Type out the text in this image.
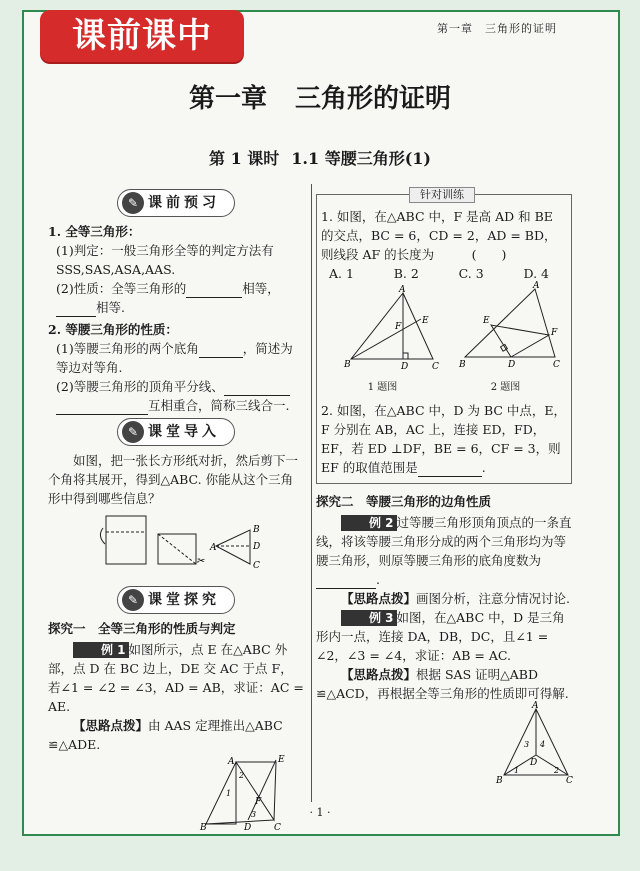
课前课中	第一章　三角形的证明
第一章 三角形的证明
第 1 课时 1.1 等腰三角形(1)
✎ 课前预习
1. 全等三角形：
(1)判定：一般三角形全等的判定方法有 SSS,SAS,ASA,AAS.
(2)性质：全等三角形的	相等，相等.
2. 等腰三角形的性质：
(1)等腰三角形的两个底角	，简述为等边对等角.
(2)等腰三角形的顶角平分线、
互相重合，简称三线合一.
✎ 课堂导入
如图，把一张长方形纸对折，然后剪下一个角将其展开，得到△ABC. 你能从这个三角形中得到哪些信息？
✂
A
B
D
C
✎ 课堂探究
探究一　全等三角形的性质与判定
例 1 如图所示，点 E 在△ABC 外部，点 D 在 BC 边上，DE 交 AC 于点 F，若∠1 = ∠2 = ∠3，AD = AB，求证：AC = AE.
【思路点拨】由 AAS 定理推出△ABC ≌△ADE.
A	E
B	D	C
F
2
1
3
针对训练
1. 如图，在△ABC 中，F 是高 AD 和 BE 的交点，BC = 6，CD = 2，AD = BD，则线段 AF 的长度为　　　(　　)
A. 1	B. 2	C. 3	D. 4
A
E
F
B	D	C
A
E
F
B	D	C
1 题图	2 题图
2. 如图，在△ABC 中，D 为 BC 中点，E，F 分别在 AB，AC 上，连接 ED，FD，EF，若 ED ⊥DF，BE = 6，CF = 3，则 EF 的取值范围是	.
探究二　等腰三角形的边角性质
例 2 过等腰三角形顶角顶点的一条直线，将该等腰三角形分成的两个三角形均为等腰三角形，则原等腰三角形的底角度数为.
【思路点拨】画图分析，注意分情况讨论.
例 3 如图，在△ABC 中，D 是三角形内一点，连接 DA，DB，DC，且∠1 = ∠2，∠3 = ∠4，求证：AB = AC.
【思路点拨】根据 SAS 证明△ABD ≌△ACD，再根据全等三角形的性质即可得解.
A
D
B	C
3 4
1	2
· 1 ·
